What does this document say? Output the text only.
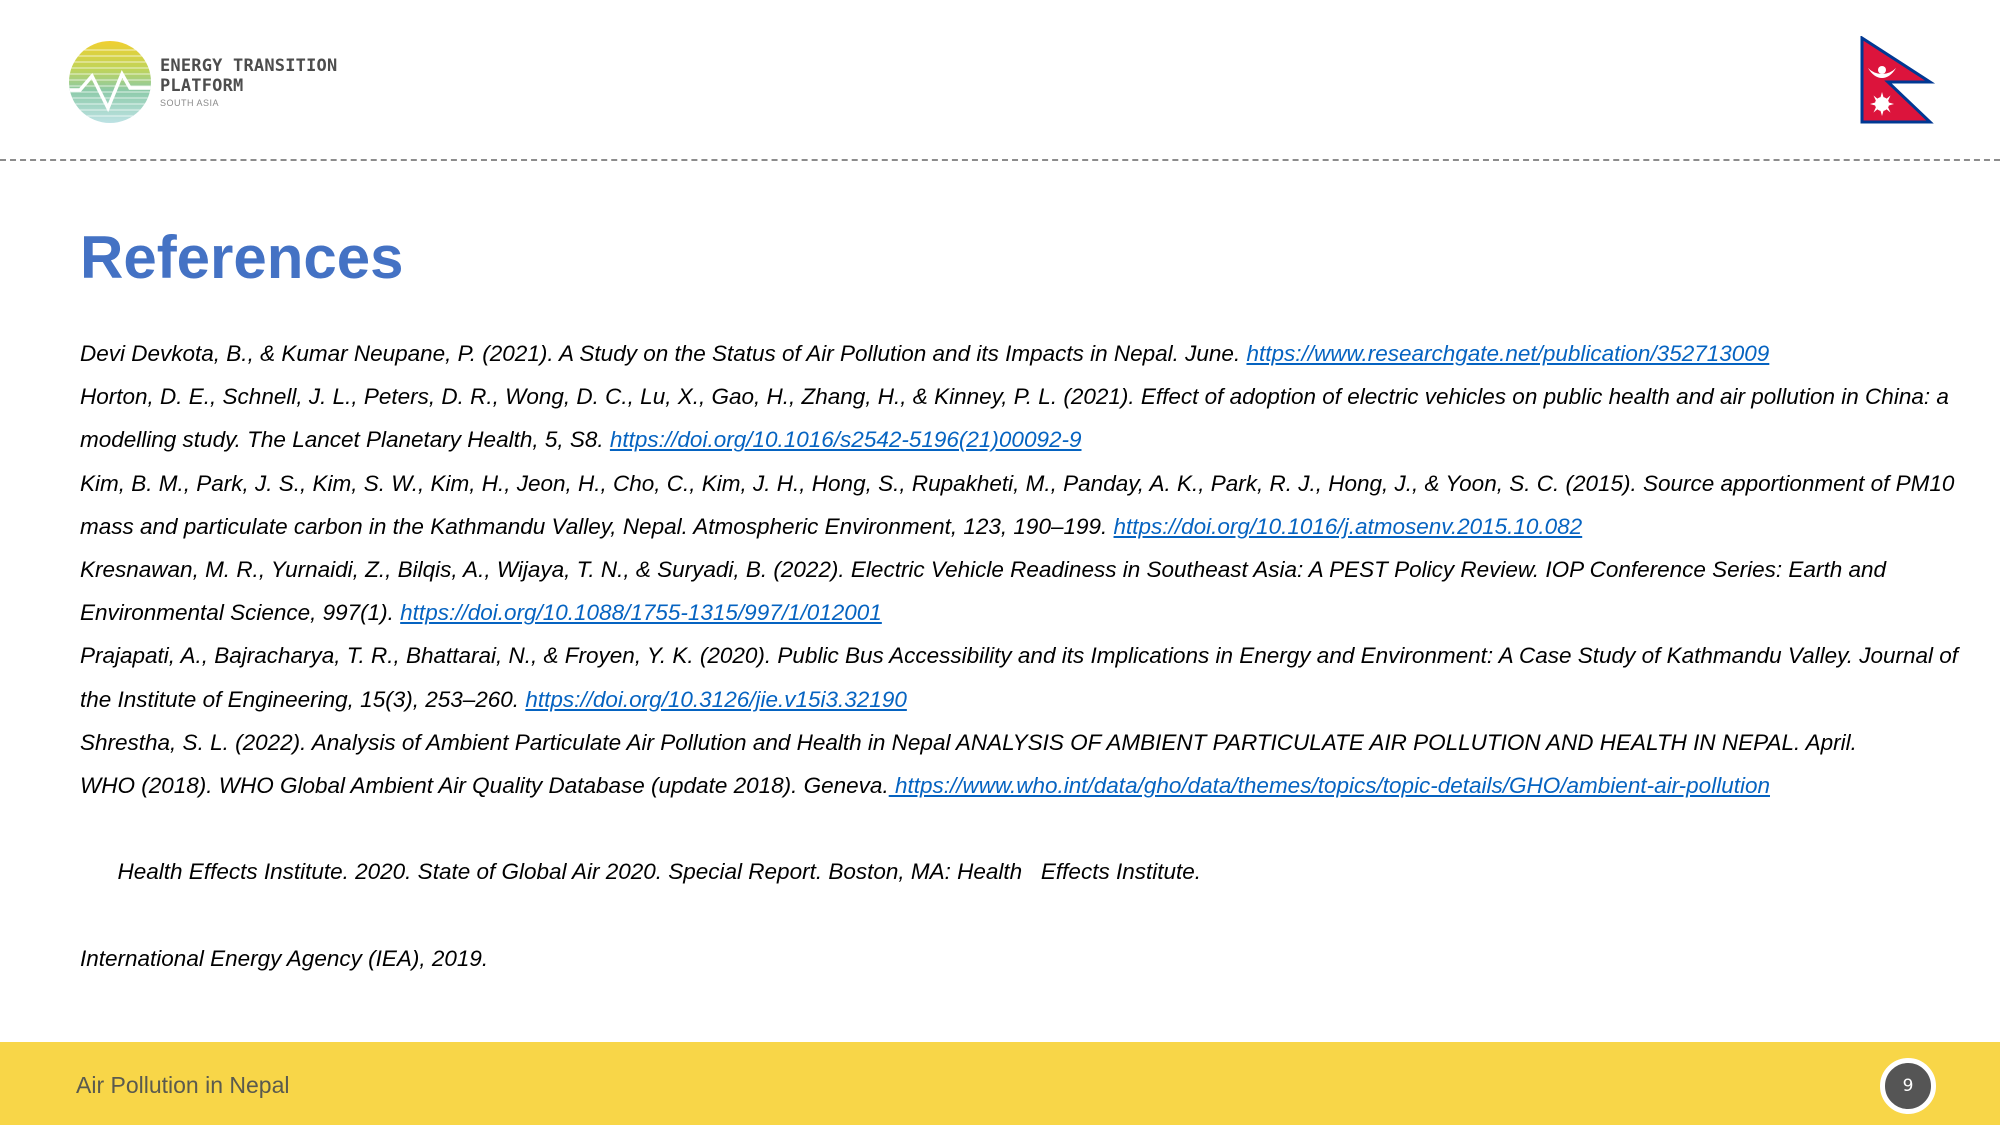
ENERGY TRANSITION
PLATFORM
SOUTH ASIA
References

Devi Devkota, B., & Kumar Neupane, P. (2021). A Study on the Status of Air Pollution and its Impacts in Nepal. June. https://www.researchgate.net/publication/352713009

Horton, D. E., Schnell, J. L., Peters, D. R., Wong, D. C., Lu, X., Gao, H., Zhang, H., & Kinney, P. L. (2021). Effect of adoption of electric vehicles on public health and air pollution in China: a modelling study. The Lancet Planetary Health, 5, S8. https://doi.org/10.1016/s2542-5196(21)00092-9

Kim, B. M., Park, J. S., Kim, S. W., Kim, H., Jeon, H., Cho, C., Kim, J. H., Hong, S., Rupakheti, M., Panday, A. K., Park, R. J., Hong, J., & Yoon, S. C. (2015). Source apportionment of PM10 mass and particulate carbon in the Kathmandu Valley, Nepal. Atmospheric Environment, 123, 190–199. https://doi.org/10.1016/j.atmosenv.2015.10.082

Kresnawan, M. R., Yurnaidi, Z., Bilqis, A., Wijaya, T. N., & Suryadi, B. (2022). Electric Vehicle Readiness in Southeast Asia: A PEST Policy Review. IOP Conference Series: Earth and Environmental Science, 997(1). https://doi.org/10.1088/1755-1315/997/1/012001

Prajapati, A., Bajracharya, T. R., Bhattarai, N., & Froyen, Y. K. (2020). Public Bus Accessibility and its Implications in Energy and Environment: A Case Study of Kathmandu Valley. Journal of the Institute of Engineering, 15(3), 253–260. https://doi.org/10.3126/jie.v15i3.32190

Shrestha, S. L. (2022). Analysis of Ambient Particulate Air Pollution and Health in Nepal ANALYSIS OF AMBIENT PARTICULATE AIR POLLUTION AND HEALTH IN NEPAL. April.

WHO (2018). WHO Global Ambient Air Quality Database (update 2018). Geneva. https://www.who.int/data/gho/data/themes/topics/topic-details/GHO/ambient-air-pollution

Health Effects Institute. 2020. State of Global Air 2020. Special Report. Boston, MA: Health   Effects Institute.

International Energy Agency (IEA), 2019.

Air Pollution in Nepal	9
